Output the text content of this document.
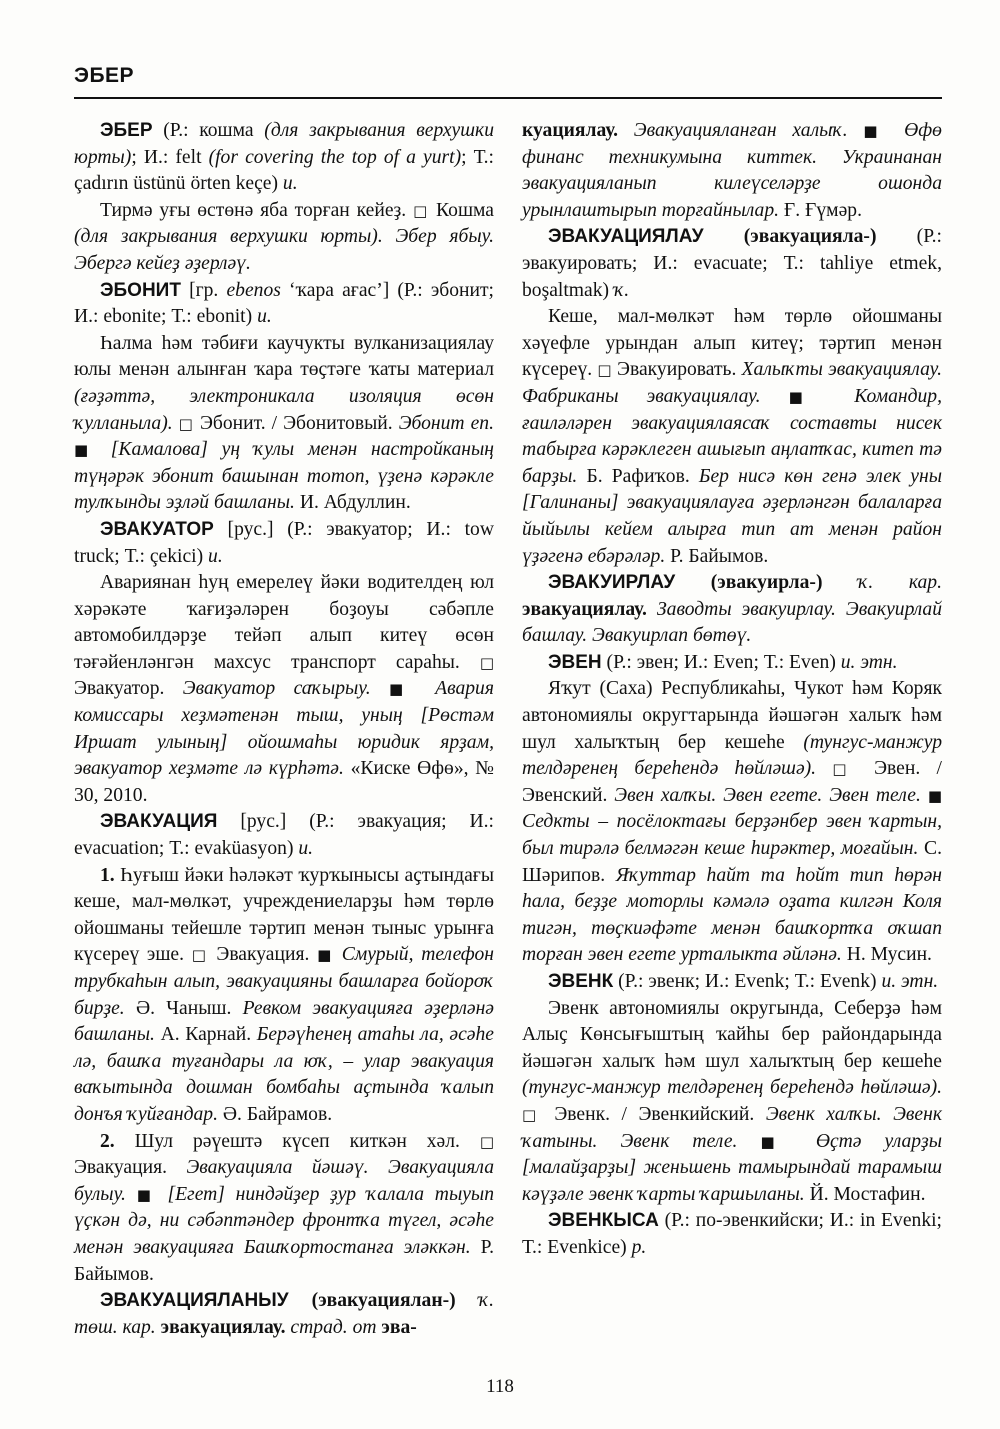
ЭБЕР

ЭБЕР (Р.: кошма (для закрывания верхушки юрты); И.: felt (for covering the top of a yurt); Т.: çadırın üstünü örten keçe) и.

Тирмә уғы өстөнә яба торған кейеҙ. □ Кошма (для закрывания верхушки юрты). Эбер ябыу. Эбергә кейеҙ әҙерләү.

ЭБОНИТ [гр. ebenos ‘ҡара ағас’] (Р.: эбонит; И.: ebonite; Т.: ebonit) и.

Һалма һәм тәбиғи каучукты вулканизациялау юлы менән алынған ҡара төҫтәге ҡаты материал (ғәҙәттә, электроникала изоляция өсөн ҡулланыла). □ Эбонит. / Эбонитовый. Эбонит еп. ■ [Камалова] уң ҡулы менән настройканың түңәрәк эбонит башынан тотоп, үҙенә кәрәкле тулҡынды эҙләй башланы. И. Абдуллин.

ЭВАКУАТОР [рус.] (Р.: эвакуатор; И.: tow truck; Т.: çekici) и.

Авариянан һуң емерелеү йәки водителдең юл хәрәкәте ҡағиҙәләрен боҙоуы сәбәпле автомобилдәрҙе тейәп алып китеү өсөн тәғәйенләнгән махсус транспорт сараһы. □ Эвакуатор. Эвакуатор саҡырыу. ■ Авария комиссары хеҙмәтенән тыш, уның [Рөстәм Иршат улының] ойошмаһы юридик ярҙам, эвакуатор хеҙмәте лә күрһәтә. «Киске Өфө», № 30, 2010.

ЭВАКУАЦИЯ [рус.] (Р.: эвакуация; И.: evacuation; Т.: evaküasyon) и.

1. Һуғыш йәки һәләкәт ҡурҡынысы аҫтындағы кеше, мал-мөлкәт, учреждениеларҙы һәм төрлө ойошманы тейешле тәртип менән тыныс урынға күсереү эше. □ Эвакуация. ■ Смурый, телефон трубкаһын алып, эвакуацияны башларға бойороҡ бирҙе. Ә. Чаныш. Ревком эвакуацияға әҙерләнә башланы. А. Карнай. Берәүһенең атаһы ла, әсәһе лә, башҡа туғандары ла юҡ, – улар эвакуация ваҡытында дошман бомбаһы аҫтында ҡалып донъя ҡуйғандар. Ә. Байрамов.

2. Шул рәүештә күсеп киткән хәл. □ Эвакуация. Эвакуацияла йәшәү. Эвакуацияла булыу. ■ [Егет] ниндәйҙер ҙур ҡалала тыуып үҫкән дә, ни сәбәптәндер фронтҡа түгел, әсәһе менән эвакуацияға Башҡортостанға эләккән. Р. Байымов.

ЭВАКУАЦИЯЛАНЫУ (эвакуациялан-) ҡ. төш. кар. эвакуациялау. страд. от эва-

куациялау. Эвакуацияланған халыҡ. ■ Өфө финанс техникумына киттек. Украинанан эвакуацияланып килеүселәрҙе ошонда урынлаштырып торғайнылар. Ғ. Ғүмәр.

ЭВАКУАЦИЯЛАУ (эвакуацияла-) (Р.: эвакуировать; И.: evacuate; Т.: tahliye etmek, boşaltmak) ҡ.

Кеше, мал-мөлкәт һәм төрлө ойошманы хәүефле урындан алып китеү; тәртип менән күсереү. □ Эвакуировать. Халыҡты эвакуациялау. Фабриканы эвакуациялау. ■ Командир, ғаиләләрен эвакуациялаясаҡ составты нисек табырға кәрәклеген ашығып аңлатҡас, китеп тә барҙы. Б. Рафиҡов. Бер нисә көн генә элек уны [Галинаны] эвакуациялауға әҙерләнгән балаларға йыйылы кейем алырға тип ат менән район үҙәгенә ебәрәләр. Р. Байымов.

ЭВАКУИРЛАУ (эвакуирла-) ҡ. кар. эвакуациялау. Заводты эвакуирлау. Эвакуирлай башлау. Эвакуирлап бөтөү.

ЭВЕН (Р.: эвен; И.: Even; Т.: Even) и. этн.

Яҡут (Саха) Республикаһы, Чукот һәм Коряк автономиялы округтарында йәшәгән халыҡ һәм шул халыҡтың бер кешеһе (тунгус-манжур телдәренең береһендә һөйләшә). □ Эвен. / Эвенский. Эвен халҡы. Эвен егете. Эвен теле. ■ Седкты – посёлоктағы берҙәнбер эвен ҡартын, был тирәлә белмәгән кеше һирәктер, моғайын. С. Шәрипов. Яҡуттар һайт та һойт тип һөрән һала, беҙҙе моторлы кәмәлә оҙата килгән Коля тигән, төҫкиәфәте менән башҡортҡа оҡшап торған эвен егете урталыкта әйләнә. Н. Мусин.

ЭВЕНК (Р.: эвенк; И.: Evenk; Т.: Evenk) и. этн.

Эвенк автономиялы округында, Себерҙә һәм Алыҫ Көнсығыштың ҡайһы бер райондарында йәшәгән халыҡ һәм шул халыҡтың бер кешеһе (тунгус-манжур телдәренең береһендә һөйләшә). □ Эвенк. / Эвенкийский. Эвенк халҡы. Эвенк ҡатыны. Эвенк теле. ■ Өҫтә уларҙы [малайҙарҙы] женьшень тамырындай тарамыш кәүҙәле эвенк ҡарты ҡаршыланы. Й. Мостафин.

ЭВЕНКЫСА (Р.: по-эвенкийски; И.: in Evenki; Т.: Evenkice) р.

118
